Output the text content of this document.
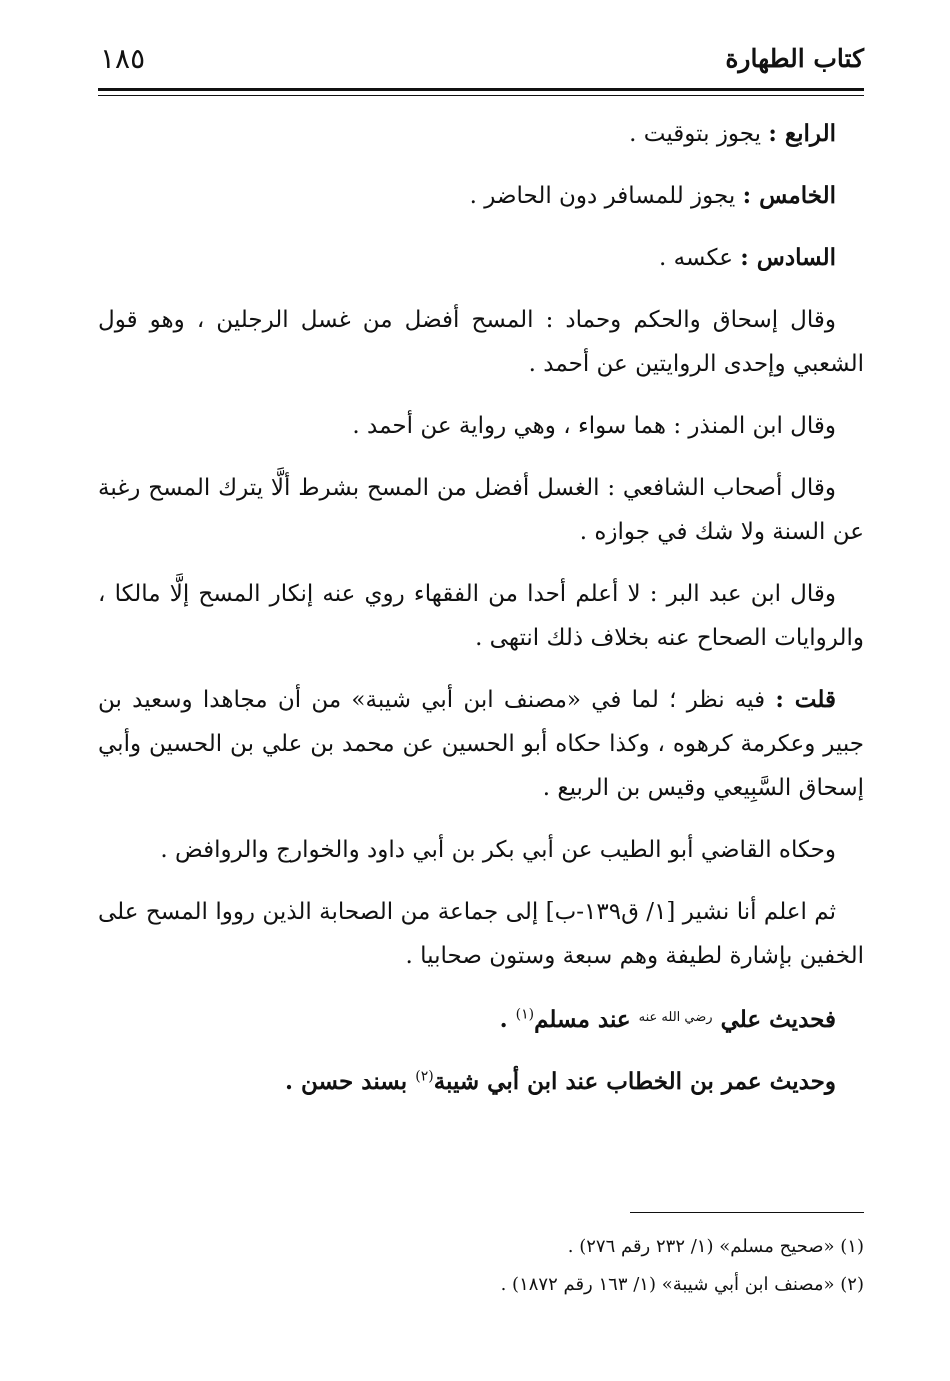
كتاب الطهارة
١٨٥

الرابع : يجوز بتوقيت .

الخامس : يجوز للمسافر دون الحاضر .

السادس : عكسه .

وقال إسحاق والحكم وحماد : المسح أفضل من غسل الرجلين ، وهو قول الشعبي وإحدى الروايتين عن أحمد .

وقال ابن المنذر : هما سواء ، وهي رواية عن أحمد .

وقال أصحاب الشافعي : الغسل أفضل من المسح بشرط ألَّا يترك المسح رغبة عن السنة ولا شك في جوازه .

وقال ابن عبد البر : لا أعلم أحدا من الفقهاء روي عنه إنكار المسح إلَّا مالكا ، والروايات الصحاح عنه بخلاف ذلك انتهى .

قلت : فيه نظر ؛ لما في «مصنف ابن أبي شيبة» من أن مجاهدا وسعيد بن جبير وعكرمة كرهوه ، وكذا حكاه أبو الحسين عن محمد بن علي بن الحسين وأبي إسحاق السَّبِيعي وقيس بن الربيع .

وحكاه القاضي أبو الطيب عن أبي بكر بن أبي داود والخوارج والروافض .

ثم اعلم أنا نشير [١/ ق١٣٩-ب] إلى جماعة من الصحابة الذين رووا المسح على الخفين بإشارة لطيفة وهم سبعة وستون صحابيا .

فحديث علي $^{رضي الله عنه}$ عند مسلم$^{(١)}$ .

وحديث عمر بن الخطاب عند ابن أبي شيبة$^{(٢)}$ بسند حسن .

(١) «صحيح مسلم» (١/ ٢٣٢ رقم ٢٧٦) .

(٢) «مصنف ابن أبي شيبة» (١/ ١٦٣ رقم ١٨٧٢) .
